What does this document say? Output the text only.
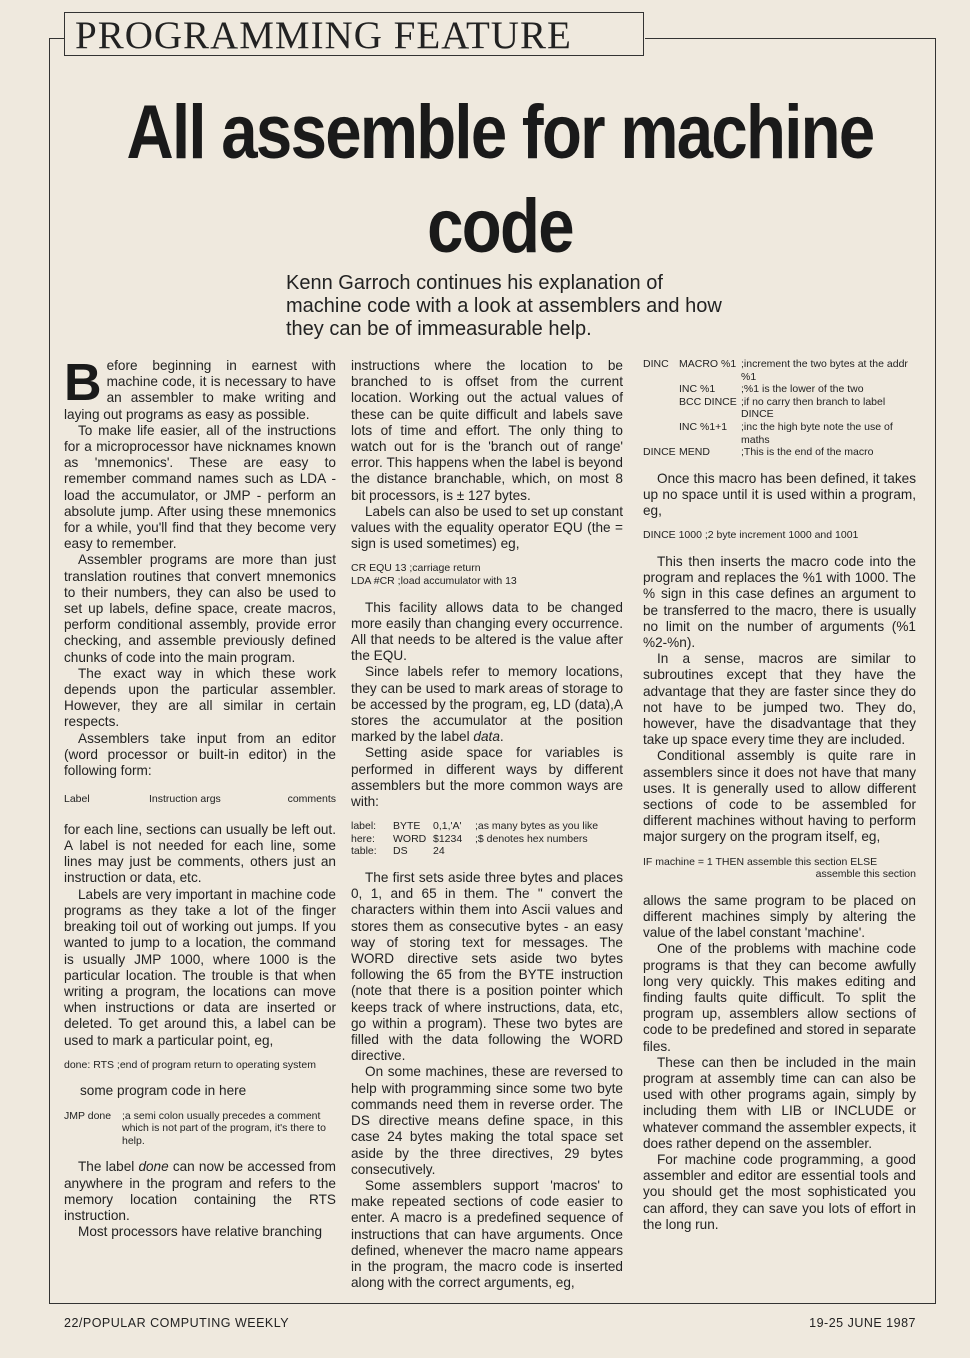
PROGRAMMING FEATURE
All assemble for machine code
Kenn Garroch continues his explanation of machine code with a look at assemblers and how they can be of immeasurable help.

Before beginning in earnest with machine code, it is necessary to have an assembler to make writing and laying out programs as easy as possible.

To make life easier, all of the instructions for a microprocessor have nicknames known as 'mnemonics'. These are easy to remember command names such as LDA - load the accumulator, or JMP - perform an absolute jump. After using these mnemonics for a while, you'll find that they become very easy to remember.

Assembler programs are more than just translation routines that convert mnemonics to their numbers, they can also be used to set up labels, define space, create macros, perform conditional assembly, provide error checking, and assemble previously defined chunks of code into the main program.

The exact way in which these work depends upon the particular assembler. However, they are all similar in certain respects.

Assemblers take input from an editor (word processor or built-in editor) in the following form:

Label	Instruction args	comments

for each line, sections can usually be left out. A label is not needed for each line, some lines may just be comments, others just an instruction or data, etc.

Labels are very important in machine code programs as they take a lot of the finger breaking toil out of working out jumps. If you wanted to jump to a location, the command is usually JMP 1000, where 1000 is the particular location. The trouble is that when writing a program, the locations can move when instructions or data are inserted or deleted. To get around this, a label can be used to mark a particular point, eg,

done: RTS ;end of program return to operating system
some program code in here
JMP done	;a semi colon usually precedes a comment which is not part of the program, it's there to help.

The label done can now be accessed from anywhere in the program and refers to the memory location containing the RTS instruction.

Most processors have relative branching

instructions where the location to be branched to is offset from the current location. Working out the actual values of these can be quite difficult and labels save lots of time and effort. The only thing to watch out for is the 'branch out of range' error. This happens when the label is beyond the distance branchable, which, on most 8 bit processors, is ± 127 bytes.

Labels can also be used to set up constant values with the equality operator EQU (the = sign is used sometimes) eg,

CR EQU 13 ;carriage return
LDA #CR ;load accumulator with 13

This facility allows data to be changed more easily than changing every occurrence. All that needs to be altered is the value after the EQU.

Since labels refer to memory locations, they can be used to mark areas of storage to be accessed by the program, eg, LD (data),A stores the accumulator at the position marked by the label data.

Setting aside space for variables is performed in different ways by different assemblers but the more common ways are with:

label:	BYTE	0,1,'A'	;as many bytes as you like
here:	WORD $1234	;$ denotes hex numbers
table:	DS	24

The first sets aside three bytes and places 0, 1, and 65 in them. The " convert the characters within them into Ascii values and stores them as consecutive bytes - an easy way of storing text for messages. The WORD directive sets aside two bytes following the 65 from the BYTE instruction (note that there is a position pointer which keeps track of where instructions, data, etc, go within a program). These two bytes are filled with the data following the WORD directive.

On some machines, these are reversed to help with programming since some two byte commands need them in reverse order. The DS directive means define space, in this case 24 bytes making the total space set aside by the three directives, 29 bytes consecutively.

Some assemblers support 'macros' to make repeated sections of code easier to enter. A macro is a predefined sequence of instructions that can have arguments. Once defined, whenever the macro name appears in the program, the macro code is inserted along with the correct arguments, eg,

DINC MACRO %1 ;increment the two bytes at the addr %1
INC %1	;%1 is the lower of the two
BCC DINCE ;if no carry then branch to label DINCE
INC %1+1	;inc the high byte note the use of maths
DINCE MEND	;This is the end of the macro

Once this macro has been defined, it takes up no space until it is used within a program, eg,

DINCE 1000 ;2 byte increment 1000 and 1001

This then inserts the macro code into the program and replaces the %1 with 1000. The % sign in this case defines an argument to be transferred to the macro, there is usually no limit on the number of arguments (%1 %2-%n).

In a sense, macros are similar to subroutines except that they have the advantage that they are faster since they do not have to be jumped two. They do, however, have the disadvantage that they take up space every time they are included.

Conditional assembly is quite rare in assemblers since it does not have that many uses. It is generally used to allow different sections of code to be assembled for different machines without having to perform major surgery on the program itself, eg,

IF machine = 1 THEN assemble this section ELSE
assemble this section

allows the same program to be placed on different machines simply by altering the value of the label constant 'machine'.

One of the problems with machine code programs is that they can become awfully long very quickly. This makes editing and finding faults quite difficult. To split the program up, assemblers allow sections of code to be predefined and stored in separate files.

These can then be included in the main program at assembly time can can also be used with other programs again, simply by including them with LIB or INCLUDE or whatever command the assembler expects, it does rather depend on the assembler.

For machine code programming, a good assembler and editor are essential tools and you should get the most sophisticated you can afford, they can save you lots of effort in the long run.

22/POPULAR COMPUTING WEEKLY	19-25 JUNE 1987
